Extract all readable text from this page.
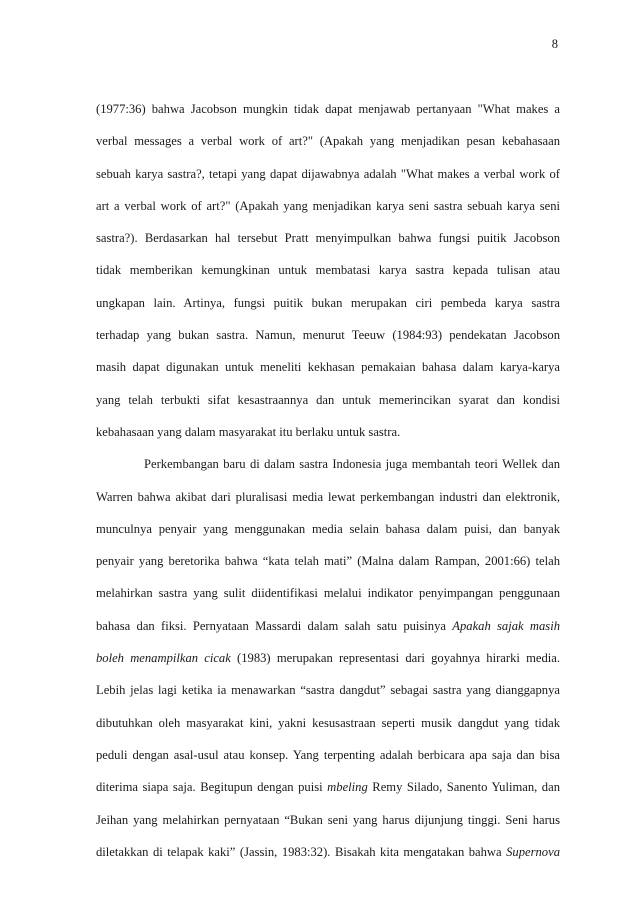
8
(1977:36) bahwa Jacobson mungkin tidak dapat menjawab pertanyaan "What makes a
verbal messages a verbal work of art?" (Apakah yang menjadikan pesan kebahasaan
sebuah karya sastra?, tetapi yang dapat dijawabnya adalah "What makes a verbal work of
art a verbal work of art?" (Apakah yang menjadikan karya seni sastra sebuah karya seni
sastra?). Berdasarkan hal tersebut Pratt menyimpulkan bahwa fungsi puitik Jacobson
tidak memberikan kemungkinan untuk membatasi karya sastra kepada tulisan atau
ungkapan lain. Artinya, fungsi puitik bukan merupakan ciri pembeda karya sastra
terhadap yang bukan sastra. Namun, menurut Teeuw (1984:93) pendekatan Jacobson
masih dapat digunakan untuk meneliti kekhasan pemakaian bahasa dalam karya-karya
yang telah terbukti sifat kesastraannya dan untuk memerincikan syarat dan kondisi
kebahasaan yang dalam masyarakat itu berlaku untuk sastra.
Perkembangan baru di dalam sastra Indonesia juga membantah teori Wellek dan
Warren bahwa akibat dari pluralisasi media lewat perkembangan industri dan elektronik,
munculnya penyair yang menggunakan media selain bahasa dalam puisi, dan banyak
penyair yang beretorika bahwa “kata telah mati” (Malna dalam Rampan, 2001:66) telah
melahirkan sastra yang sulit diidentifikasi melalui indikator penyimpangan penggunaan
bahasa dan fiksi. Pernyataan Massardi dalam salah satu puisinya Apakah sajak masih
boleh menampilkan cicak (1983) merupakan representasi dari goyahnya hirarki media.
Lebih jelas lagi ketika ia menawarkan “sastra dangdut” sebagai sastra yang dianggapnya
dibutuhkan oleh masyarakat kini, yakni kesusastraan seperti musik dangdut yang tidak
peduli dengan asal-usul atau konsep. Yang terpenting adalah berbicara apa saja dan bisa
diterima siapa saja. Begitupun dengan puisi mbeling Remy Silado, Sanento Yuliman, dan
Jeihan yang melahirkan pernyataan “Bukan seni yang harus dijunjung tinggi. Seni harus
diletakkan di telapak kaki” (Jassin, 1983:32). Bisakah kita mengatakan bahwa Supernova
